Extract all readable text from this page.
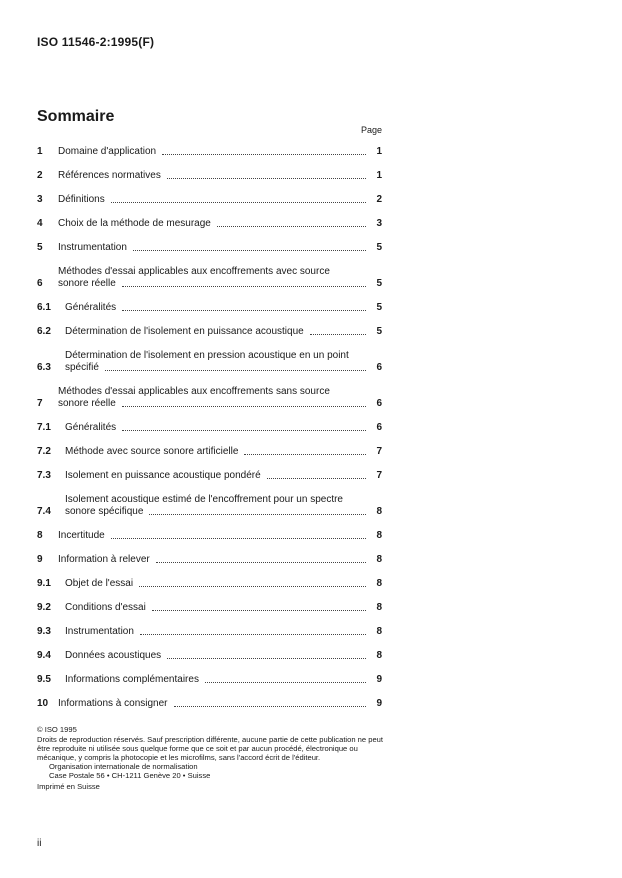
ISO 11546-2:1995(F)
Sommaire
Page
1	Domaine d'application	1
2	Références normatives	1
3	Définitions	2
4	Choix de la méthode de mesurage	3
5	Instrumentation	5
6
Méthodes d'essai applicables aux encoffrements avec source
sonore réelle	5
6.1	Généralités	5
6.2	Détermination de l'isolement en puissance acoustique	5
6.3
Détermination de l'isolement en pression acoustique en un point
spécifié	6
7
Méthodes d'essai applicables aux encoffrements sans source
sonore réelle	6
7.1	Généralités	6
7.2	Méthode avec source sonore artificielle	7
7.3	Isolement en puissance acoustique pondéré	7
7.4
Isolement acoustique estimé de l'encoffrement pour un spectre
sonore spécifique	8
8	Incertitude	8
9	Information à relever	8
9.1	Objet de l'essai	8
9.2	Conditions d'essai	8
9.3	Instrumentation	8
9.4	Données acoustiques	8
9.5	Informations complémentaires	9
10 Informations à consigner	9
© ISO 1995
Droits de reproduction réservés. Sauf prescription différente, aucune partie de cette publication ne peut être reproduite ni utilisée sous quelque forme que ce soit et par aucun procédé, électronique ou mécanique, y compris la photocopie et les microfilms, sans l'accord écrit de l'éditeur.
Organisation internationale de normalisation
Case Postale 56 • CH-1211 Genève 20 • Suisse
Imprimé en Suisse
ii
